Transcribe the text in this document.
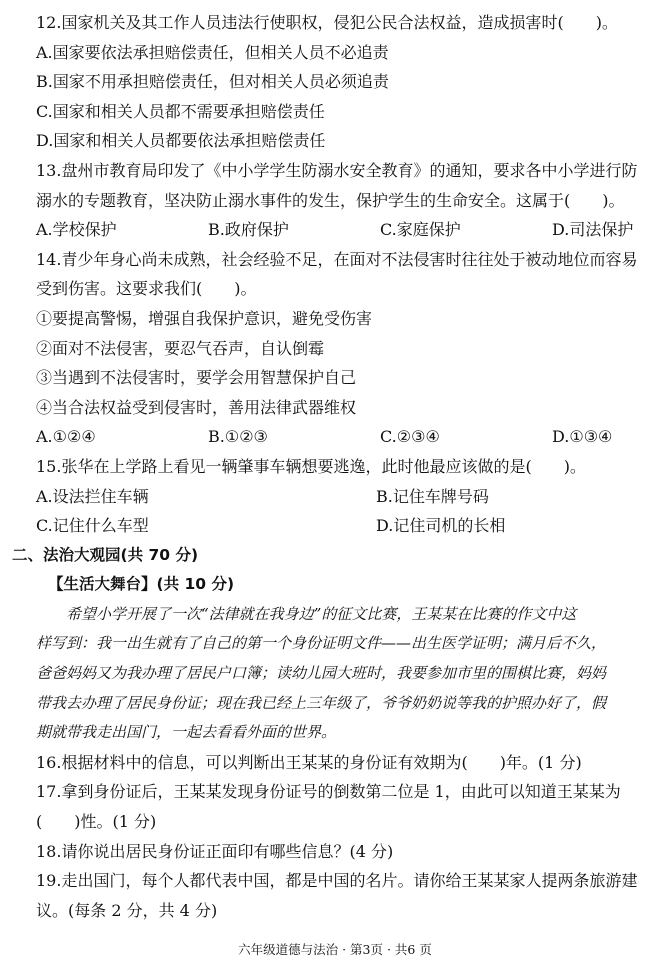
12.国家机关及其工作人员违法行使职权，侵犯公民合法权益，造成损害时(　　)。
A.国家要依法承担赔偿责任，但相关人员不必追责
B.国家不用承担赔偿责任，但对相关人员必须追责
C.国家和相关人员都不需要承担赔偿责任
D.国家和相关人员都要依法承担赔偿责任
13.盘州市教育局印发了《中小学学生防溺水安全教育》的通知，要求各中小学进行防
溺水的专题教育，坚决防止溺水事件的发生，保护学生的生命安全。这属于(　　)。
A.学校保护	B.政府保护	C.家庭保护	D.司法保护
14.青少年身心尚未成熟，社会经验不足，在面对不法侵害时往往处于被动地位而容易
受到伤害。这要求我们(　　)。
①要提高警惕，增强自我保护意识，避免受伤害
②面对不法侵害，要忍气吞声，自认倒霉
③当遇到不法侵害时，要学会用智慧保护自己
④当合法权益受到侵害时，善用法律武器维权
A.①②④	B.①②③	C.②③④	D.①③④
15.张华在上学路上看见一辆肇事车辆想要逃逸，此时他最应该做的是(　　)。
A.设法拦住车辆	B.记住车牌号码
C.记住什么车型	D.记住司机的长相
二、法治大观园(共 70 分)
【生活大舞台】(共 10 分)
希望小学开展了一次“法律就在我身边”的征文比赛，王某某在比赛的作文中这
样写到：我一出生就有了自己的第一个身份证明文件——出生医学证明；满月后不久，
爸爸妈妈又为我办理了居民户口簿；读幼儿园大班时，我要参加市里的围棋比赛，妈妈
带我去办理了居民身份证；现在我已经上三年级了，爷爷奶奶说等我的护照办好了，假
期就带我走出国门，一起去看看外面的世界。
16.根据材料中的信息，可以判断出王某某的身份证有效期为(　　)年。(1 分)
17.拿到身份证后，王某某发现身份证号的倒数第二位是 1，由此可以知道王某某为
(　　)性。(1 分)
18.请你说出居民身份证正面印有哪些信息？(4 分)
19.走出国门，每个人都代表中国，都是中国的名片。请你给王某某家人提两条旅游建
议。(每条 2 分，共 4 分)
六年级道德与法治 · 第3页 · 共6 页
